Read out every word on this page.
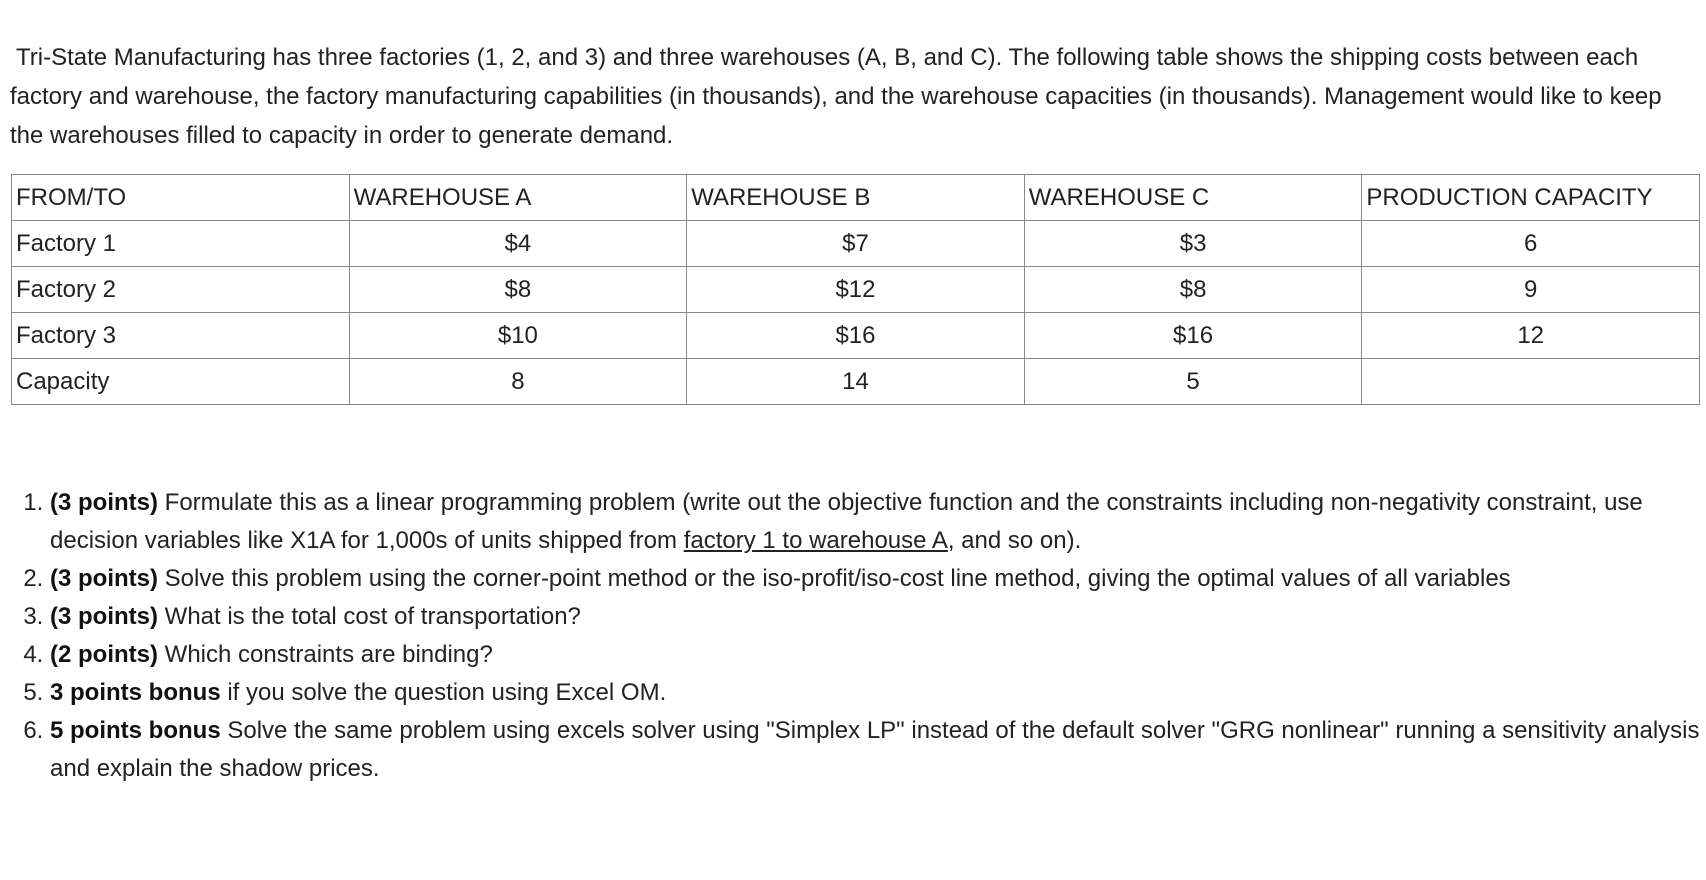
Tri-State Manufacturing has three factories (1, 2, and 3) and three warehouses (A, B, and C). The following table shows the shipping costs between each factory and warehouse, the factory manufacturing capabilities (in thousands), and the warehouse capacities (in thousands). Management would like to keep the warehouses filled to capacity in order to generate demand.

FROM/TO	WAREHOUSE A	WAREHOUSE B	WAREHOUSE C	PRODUCTION CAPACITY
Factory 1	$4	$7	$3	6
Factory 2	$8	$12	$8	9
Factory 3	$10	$16	$16	12
Capacity	8	14	5	
1. (3 points) Formulate this as a linear programming problem (write out the objective function and the constraints including non-negativity constraint, use decision variables like X1A for 1,000s of units shipped from factory 1 to warehouse A, and so on).
2. (3 points) Solve this problem using the corner-point method or the iso-profit/iso-cost line method, giving the optimal values of all variables
3. (3 points) What is the total cost of transportation?
4. (2 points) Which constraints are binding?
5. 3 points bonus if you solve the question using Excel OM.
6. 5 points bonus Solve the same problem using excels solver using "Simplex LP" instead of the default solver "GRG nonlinear" running a sensitivity analysis and explain the shadow prices.
